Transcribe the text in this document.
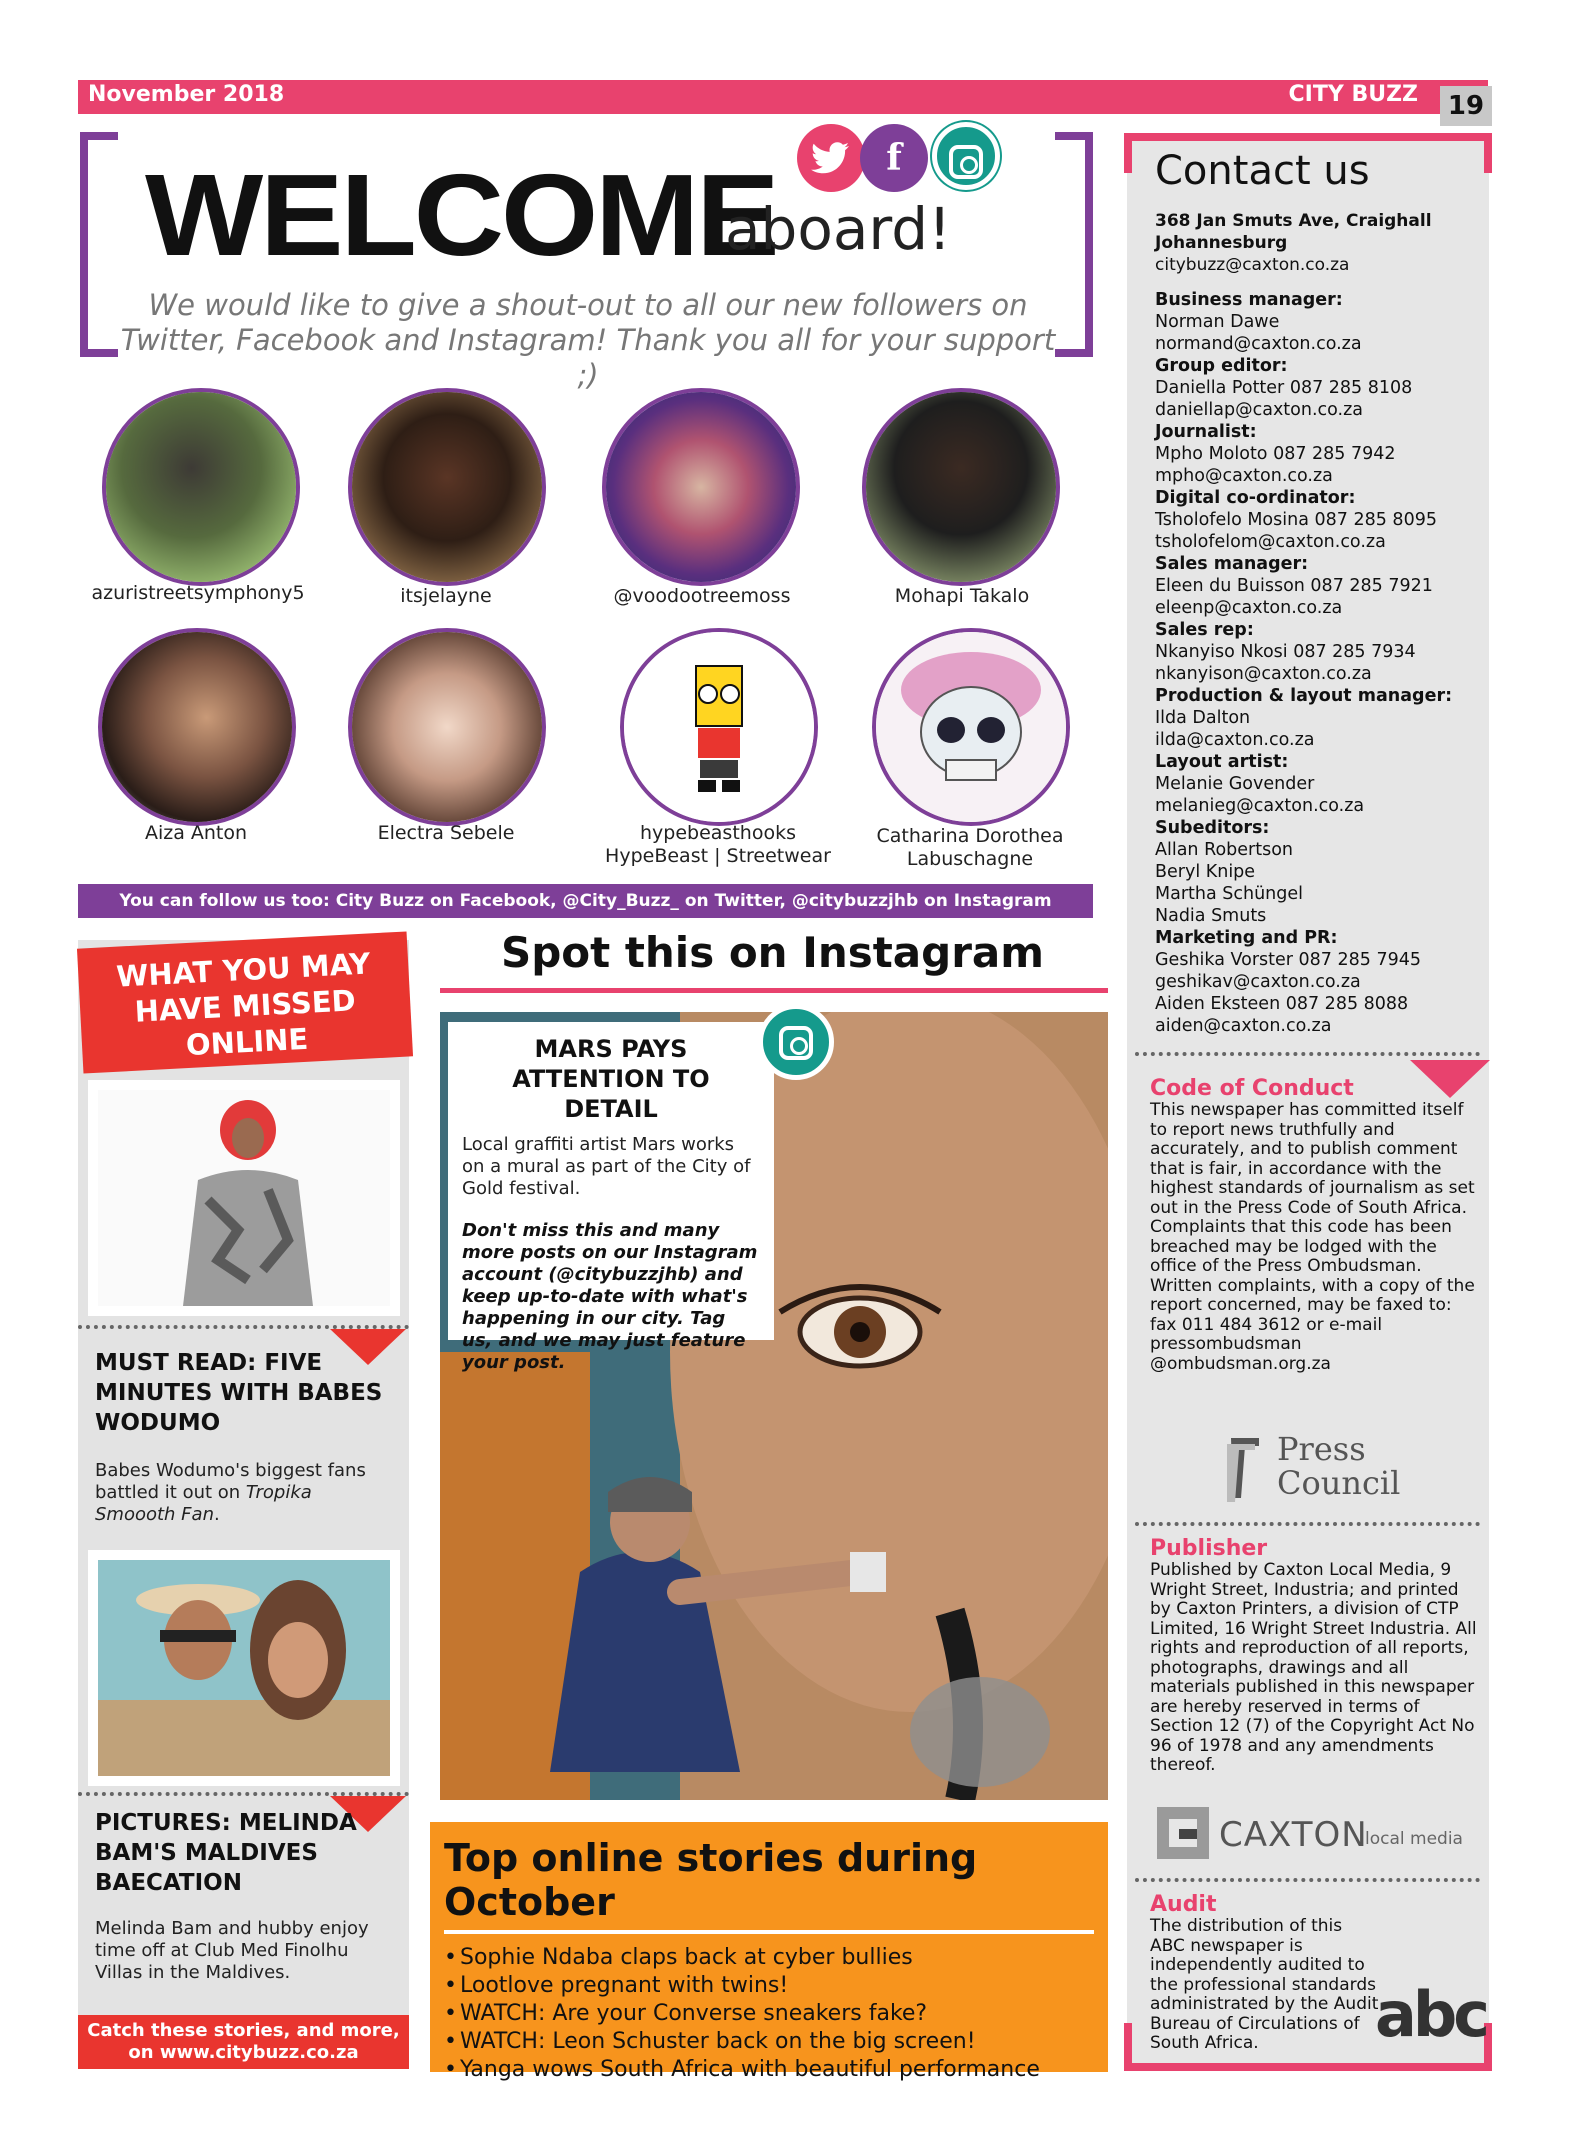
November 2018	CITY BUZZ	19
WELCOME
aboard!
f
We would like to give a shout-out to all our new followers on Twitter, Facebook and Instagram! Thank you all for your support ;)
azuristreetsymphony5	itsjelayne	@voodootreemoss	Mohapi Takalo
Aiza Anton	Electra Sebele	hypebeasthooks
HypeBeast | Streetwear
Catharina Dorothea
Labuschagne
You can follow us too: City Buzz on Facebook, @City_Buzz_ on Twitter, @citybuzzjhb on Instagram
WHAT YOU MAY HAVE MISSED ONLINE
MUST READ: FIVE MINUTES WITH BABES WODUMO
Babes Wodumo's biggest fans battled it out on Tropika Smoooth Fan.
PICTURES: MELINDA BAM'S MALDIVES BAECATION
Melinda Bam and hubby enjoy time off at Club Med Finolhu Villas in the Maldives.
Catch these stories, and more, on www.citybuzz.co.za
Spot this on Instagram
MARS PAYS ATTENTION TO DETAIL
Local graffiti artist Mars works on a mural as part of the City of Gold festival.
Don't miss this and many more posts on our Instagram account (@citybuzzjhb) and keep up-to-date with what's happening in our city. Tag us, and we may just feature your post.
Top online stories during October
• Sophie Ndaba claps back at cyber bullies
• Lootlove pregnant with twins!
• WATCH: Are your Converse sneakers fake?
• WATCH: Leon Schuster back on the big screen!
• Yanga wows South Africa with beautiful performance
Contact us
368 Jan Smuts Ave, Craighall
Johannesburg
citybuzz@caxton.co.za
Business manager:
Norman Dawe
normand@caxton.co.za
Group editor:
Daniella Potter 087 285 8108
daniellap@caxton.co.za
Journalist:
Mpho Moloto 087 285 7942
mpho@caxton.co.za
Digital co-ordinator:
Tsholofelo Mosina 087 285 8095
tsholofelom@caxton.co.za
Sales manager:
Eleen du Buisson 087 285 7921
eleenp@caxton.co.za
Sales rep:
Nkanyiso Nkosi 087 285 7934
nkanyison@caxton.co.za
Production & layout manager:
Ilda Dalton
ilda@caxton.co.za
Layout artist:
Melanie Govender
melanieg@caxton.co.za
Subeditors:
Allan Robertson
Beryl Knipe
Martha Schüngel
Nadia Smuts
Marketing and PR:
Geshika Vorster 087 285 7945
geshikav@caxton.co.za
Aiden Eksteen 087 285 8088
aiden@caxton.co.za
Code of Conduct
This newspaper has committed itself to report news truthfully and accurately, and to publish comment that is fair, in accordance with the highest standards of journalism as set out in the Press Code of South Africa. Complaints that this code has been breached may be lodged with the office of the Press Ombudsman. Written complaints, with a copy of the report concerned, may be faxed to: fax 011 484 3612 or e-mail pressombudsman @ombudsman.org.za
Press Council
Publisher
Published by Caxton Local Media, 9 Wright Street, Industria; and printed by Caxton Printers, a division of CTP Limited, 16 Wright Street Industria. All rights and reproduction of all reports, photographs, drawings and all materials published in this newspaper are hereby reserved in terms of Section 12 (7) of the Copyright Act No 96 of 1978 and any amendments thereof.
CAXTON
local media
Audit
The distribution of this ABC newspaper is independently audited to the professional standards administrated by the Audit Bureau of Circulations of South Africa.	abc
